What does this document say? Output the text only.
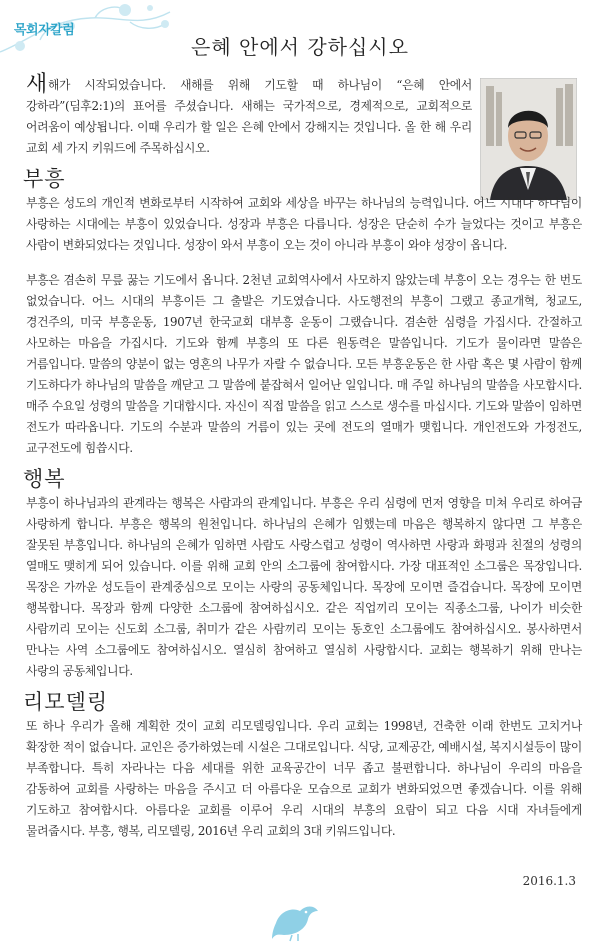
목회자칼럼
은혜 안에서 강하십시오

새해가 시작되었습니다. 새해를 위해 기도할 때 하나님이 “은혜 안에서 강하라”(딤후2:1)의 표어를 주셨습니다. 새해는 국가적으로, 경제적으로, 교회적으로 어려움이 예상됩니다. 이때 우리가 할 일은 은혜 안에서 강해지는 것입니다. 올 한 해 우리 교회 세 가지 키워드에 주목하십시오.

부흥

부흥은 성도의 개인적 변화로부터 시작하여 교회와 세상을 바꾸는 하나님의 능력입니다. 어느 시대나 하나님이 사랑하는 시대에는 부흥이 있었습니다. 성장과 부흥은 다릅니다. 성장은 단순히 수가 늘었다는 것이고 부흥은 사람이 변화되었다는 것입니다. 성장이 와서 부흥이 오는 것이 아니라 부흥이 와야 성장이 옵니다.

부흥은 겸손히 무릎 꿇는 기도에서 옵니다. 2천년 교회역사에서 사모하지 않았는데 부흥이 오는 경우는 한 번도 없었습니다. 어느 시대의 부흥이든 그 출발은 기도였습니다. 사도행전의 부흥이 그랬고 종교개혁, 청교도, 경건주의, 미국 부흥운동, 1907년 한국교회 대부흥 운동이 그랬습니다. 겸손한 심령을 가집시다. 간절하고 사모하는 마음을 가집시다. 기도와 함께 부흥의 또 다른 원동력은 말씀입니다. 기도가 물이라면 말씀은 거름입니다. 말씀의 양분이 없는 영혼의 나무가 자랄 수 없습니다. 모든 부흥운동은 한 사람 혹은 몇 사람이 함께 기도하다가 하나님의 말씀을 깨닫고 그 말씀에 붙잡혀서 일어난 일입니다. 매 주일 하나님의 말씀을 사모합시다. 매주 수요일 성령의 말씀을 기대합시다. 자신이 직접 말씀을 읽고 스스로 생수를 마십시다. 기도와 말씀이 임하면 전도가 따라옵니다. 기도의 수분과 말씀의 거름이 있는 곳에 전도의 열매가 맺힙니다. 개인전도와 가정전도, 교구전도에 힘씁시다.

행복

부흥이 하나님과의 관계라는 행복은 사람과의 관계입니다. 부흥은 우리 심령에 먼저 영향을 미쳐 우리로 하여금 사랑하게 합니다. 부흥은 행복의 원천입니다. 하나님의 은혜가 임했는데 마음은 행복하지 않다면 그 부흥은 잘못된 부흥입니다. 하나님의 은혜가 임하면 사람도 사랑스럽고 성령이 역사하면 사랑과 화평과 친절의 성령의 열매도 맺히게 되어 있습니다. 이를 위해 교회 안의 소그룹에 참여합시다. 가장 대표적인 소그룹은 목장입니다. 목장은 가까운 성도들이 관계중심으로 모이는 사랑의 공동체입니다. 목장에 모이면 즐겁습니다. 목장에 모이면 행복합니다. 목장과 함께 다양한 소그룹에 참여하십시오. 같은 직업끼리 모이는 직종소그룹, 나이가 비슷한 사람끼리 모이는 신도회 소그룹, 취미가 같은 사람끼리 모이는 동호인 소그룹에도 참여하십시오. 봉사하면서 만나는 사역 소그룹에도 참여하십시오. 열심히 참여하고 열심히 사랑합시다. 교회는 행복하기 위해 만나는 사랑의 공동체입니다.

리모델링

또 하나 우리가 올해 계획한 것이 교회 리모델링입니다. 우리 교회는 1998년, 건축한 이래 한번도 고치거나 확장한 적이 없습니다. 교인은 증가하였는데 시설은 그대로입니다. 식당, 교제공간, 예배시설, 복지시설등이 많이 부족합니다. 특히 자라나는 다음 세대를 위한 교육공간이 너무 좁고 불편합니다. 하나님이 우리의 마음을 감동하여 교회를 사랑하는 마음을 주시고 더 아름다운 모습으로 교회가 변화되었으면 좋겠습니다. 이를 위해 기도하고 참여합시다. 아름다운 교회를 이루어 우리 시대의 부흥의 요람이 되고 다음 시대 자녀들에게 물려줍시다. 부흥, 행복, 리모델링, 2016년 우리 교회의 3대 키워드입니다.

2016.1.3
